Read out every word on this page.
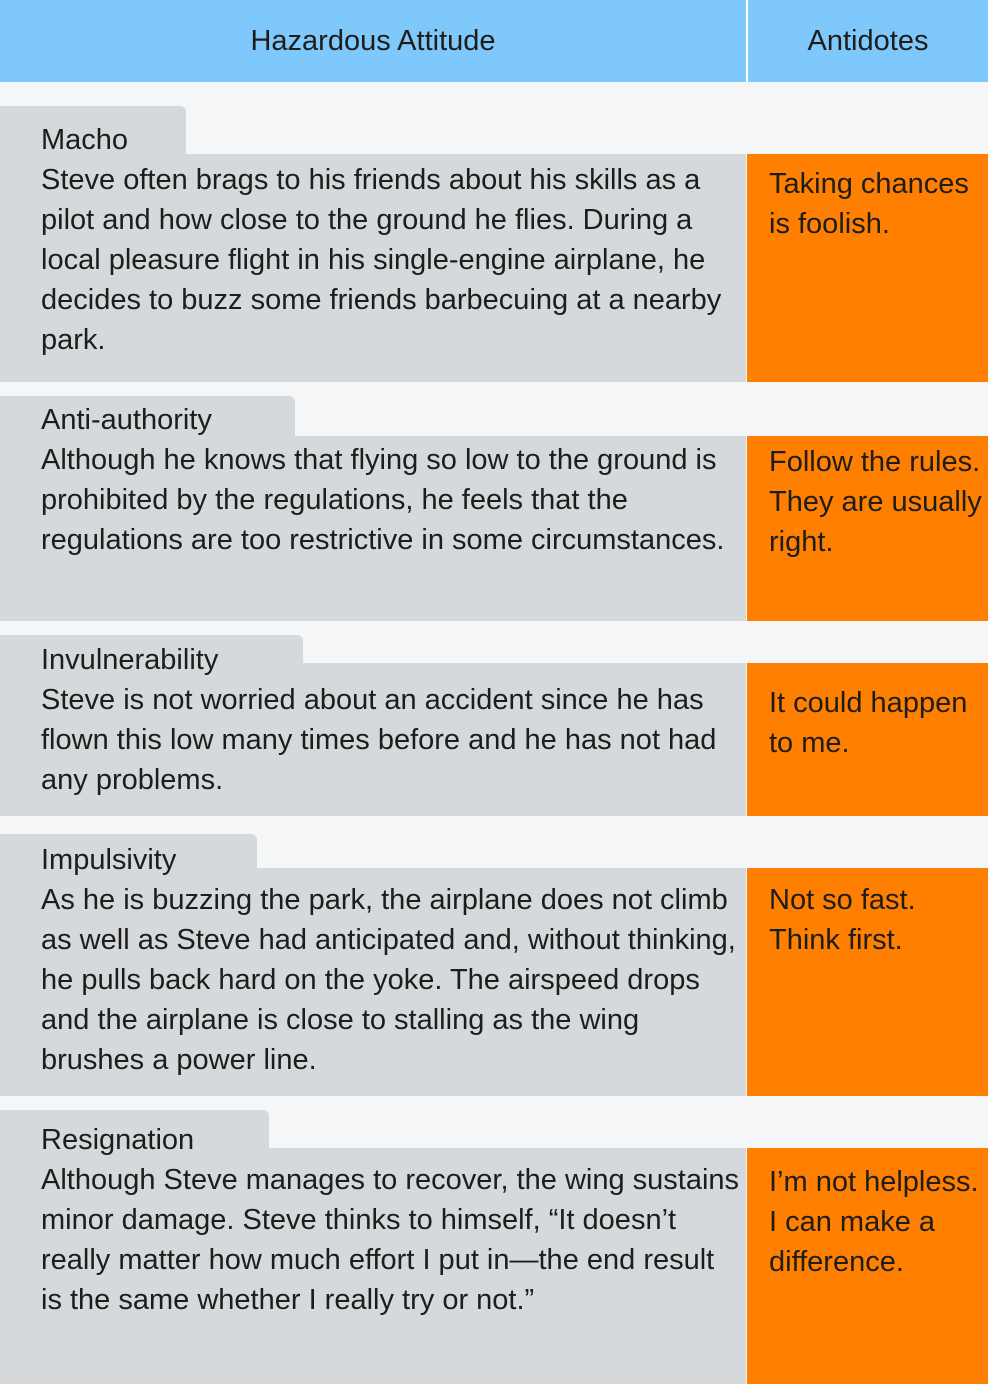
Hazardous Attitude	Antidotes
Macho
Steve often brags to his friends about his skills as a pilot and how close to the ground he flies. During a local pleasure flight in his single-engine airplane, he decides to buzz some friends barbecuing at a nearby park.
Taking chances is foolish.
Anti-authority
Although he knows that flying so low to the ground is prohibited by the regulations, he feels that the regulations are too restrictive in some circumstances.
Follow the rules. They are usually right.
Invulnerability
Steve is not worried about an accident since he has flown this low many times before and he has not had any problems.
It could happen to me.
Impulsivity
As he is buzzing the park, the airplane does not climb as well as Steve had anticipated and, without thinking, he pulls back hard on the yoke. The airspeed drops and the airplane is close to stalling as the wing brushes a power line.
Not so fast. Think first.
Resignation
Although Steve manages to recover, the wing sustains minor damage. Steve thinks to himself, “It doesn’t really matter how much effort I put in—the end result is the same whether I really try or not.”
I’m not helpless. I can make a difference.
